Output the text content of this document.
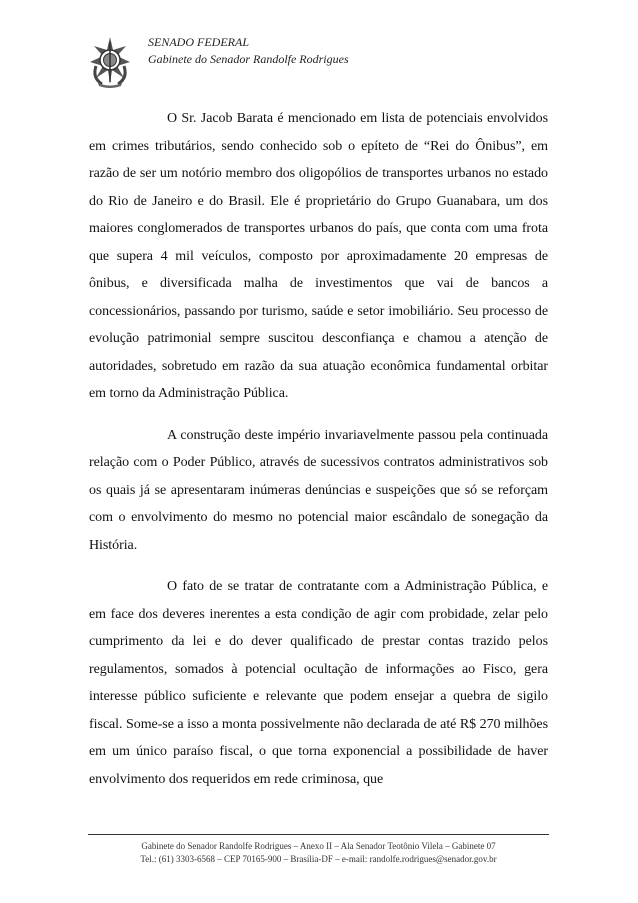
SENADO FEDERAL
Gabinete do Senador Randolfe Rodrigues

O Sr. Jacob Barata é mencionado em lista de potenciais envolvidos em crimes tributários, sendo conhecido sob o epíteto de “Rei do Ônibus”, em razão de ser um notório membro dos oligopólios de transportes urbanos no estado do Rio de Janeiro e do Brasil. Ele é proprietário do Grupo Guanabara, um dos maiores conglomerados de transportes urbanos do país, que conta com uma frota que supera 4 mil veículos, composto por aproximadamente 20 empresas de ônibus, e diversificada malha de investimentos que vai de bancos a concessionários, passando por turismo, saúde e setor imobiliário. Seu processo de evolução patrimonial sempre suscitou desconfiança e chamou a atenção de autoridades, sobretudo em razão da sua atuação econômica fundamental orbitar em torno da Administração Pública.

A construção deste império invariavelmente passou pela continuada relação com o Poder Público, através de sucessivos contratos administrativos sob os quais já se apresentaram inúmeras denúncias e suspeições que só se reforçam com o envolvimento do mesmo no potencial maior escândalo de sonegação da História.

O fato de se tratar de contratante com a Administração Pública, e em face dos deveres inerentes a esta condição de agir com probidade, zelar pelo cumprimento da lei e do dever qualificado de prestar contas trazido pelos regulamentos, somados à potencial ocultação de informações ao Fisco, gera interesse público suficiente e relevante que podem ensejar a quebra de sigilo fiscal. Some-se a isso a monta possivelmente não declarada de até R$ 270 milhões em um único paraíso fiscal, o que torna exponencial a possibilidade de haver envolvimento dos requeridos em rede criminosa, que

Gabinete do Senador Randolfe Rodrigues – Anexo II – Ala Senador Teotônio Vilela – Gabinete 07
Tel.: (61) 3303-6568 – CEP 70165-900 – Brasília-DF – e-mail: randolfe.rodrigues@senador.gov.br
